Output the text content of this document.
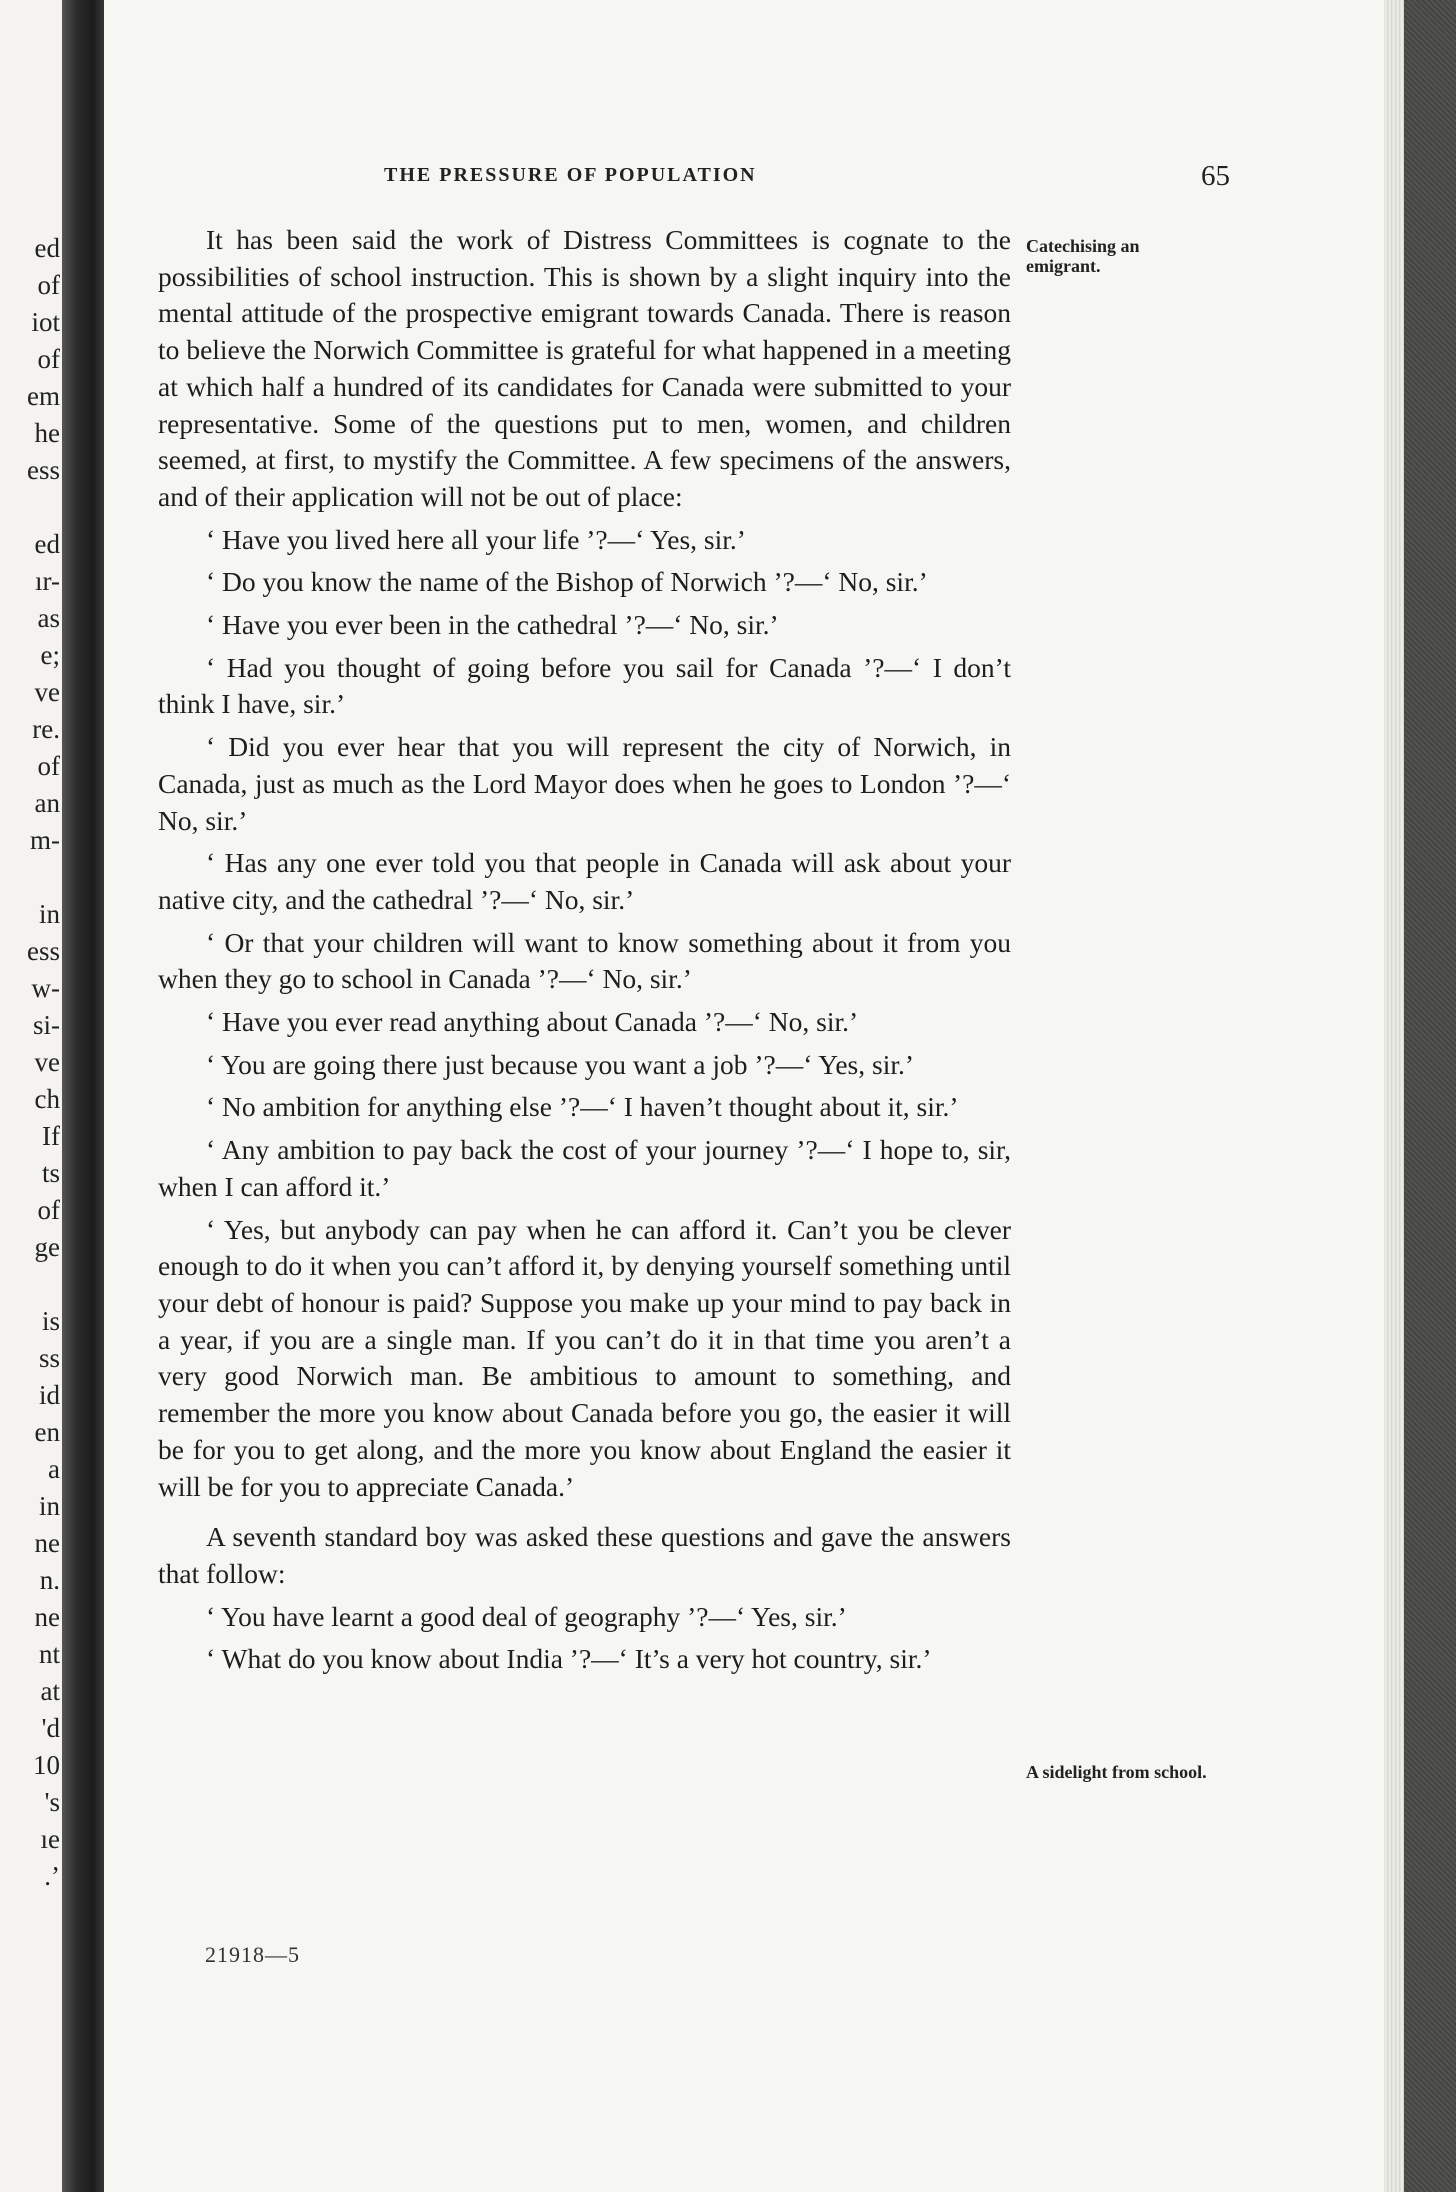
ed
of
iot
of
em
he
ess
ed
ır-
as
e;
ve
re.
of
an
m-
in
ess
w-
si-
ve
ch
If
ts
of
ge
is
ss
id
en
a
in
ne
n.
ne
nt
at
'd
10
's
ıe
.’
THE PRESSURE OF POPULATION	65

It has been said the work of Distress Committees is cognate to the possibilities of school instruction. This is shown by a slight inquiry into the mental attitude of the prospective emigrant towards Canada. There is reason to believe the Norwich Committee is grateful for what happened in a meeting at which half a hundred of its candidates for Canada were submitted to your representative. Some of the questions put to men, women, and children seemed, at first, to mystify the Committee. A few specimens of the answers, and of their application will not be out of place:

‘ Have you lived here all your life ’?—‘ Yes, sir.’

‘ Do you know the name of the Bishop of Norwich ’?—‘ No, sir.’

‘ Have you ever been in the cathedral ’?—‘ No, sir.’

‘ Had you thought of going before you sail for Canada ’?—‘ I don’t think I have, sir.’

‘ Did you ever hear that you will represent the city of Norwich, in Canada, just as much as the Lord Mayor does when he goes to London ’?—‘ No, sir.’

‘ Has any one ever told you that people in Canada will ask about your native city, and the cathedral ’?—‘ No, sir.’

‘ Or that your children will want to know something about it from you when they go to school in Canada ’?—‘ No, sir.’

‘ Have you ever read anything about Canada ’?—‘ No, sir.’

‘ You are going there just because you want a job ’?—‘ Yes, sir.’

‘ No ambition for anything else ’?—‘ I haven’t thought about it, sir.’

‘ Any ambition to pay back the cost of your journey ’?—‘ I hope to, sir, when I can afford it.’

‘ Yes, but anybody can pay when he can afford it. Can’t you be clever enough to do it when you can’t afford it, by denying yourself something until your debt of honour is paid? Suppose you make up your mind to pay back in a year, if you are a single man. If you can’t do it in that time you aren’t a very good Norwich man. Be ambitious to amount to something, and remember the more you know about Canada before you go, the easier it will be for you to get along, and the more you know about England the easier it will be for you to appreciate Canada.’

A seventh standard boy was asked these questions and gave the answers that follow:

‘ You have learnt a good deal of geography ’?—‘ Yes, sir.’

‘ What do you know about India ’?—‘ It’s a very hot country, sir.’

Catechising an emigrant.
A sidelight from school.
21918—5
